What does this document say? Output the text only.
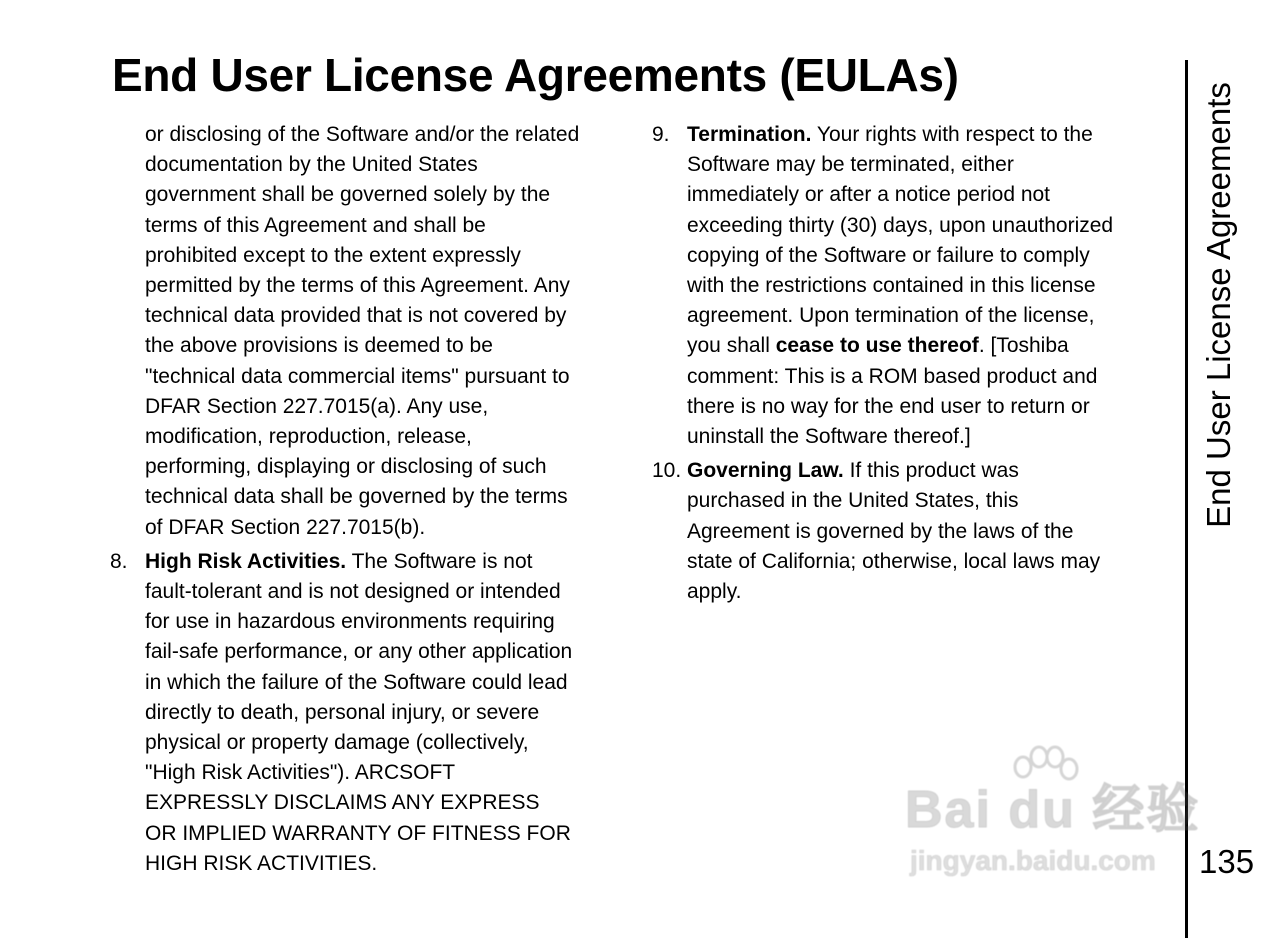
End User License Agreements (EULAs)
or disclosing of the Software and/or the related
documentation by the United States
government shall be governed solely by the
terms of this Agreement and shall be
prohibited except to the extent expressly
permitted by the terms of this Agreement. Any
technical data provided that is not covered by
the above provisions is deemed to be
"technical data commercial items" pursuant to
DFAR Section 227.7015(a). Any use,
modification, reproduction, release,
performing, displaying or disclosing of such
technical data shall be governed by the terms
of DFAR Section 227.7015(b).
8. High Risk Activities. The Software is not
fault-tolerant and is not designed or intended
for use in hazardous environments requiring
fail-safe performance, or any other application
in which the failure of the Software could lead
directly to death, personal injury, or severe
physical or property damage (collectively,
"High Risk Activities"). ARCSOFT
EXPRESSLY DISCLAIMS ANY EXPRESS
OR IMPLIED WARRANTY OF FITNESS FOR
HIGH RISK ACTIVITIES.
9. Termination. Your rights with respect to the
Software may be terminated, either
immediately or after a notice period not
exceeding thirty (30) days, upon unauthorized
copying of the Software or failure to comply
with the restrictions contained in this license
agreement. Upon termination of the license,
you shall cease to use thereof. [Toshiba
comment: This is a ROM based product and
there is no way for the end user to return or
uninstall the Software thereof.]
10. Governing Law. If this product was
purchased in the United States, this
Agreement is governed by the laws of the
state of California; otherwise, local laws may
apply.
End User License Agreements
135
Bai du 经验
jingyan.baidu.com
